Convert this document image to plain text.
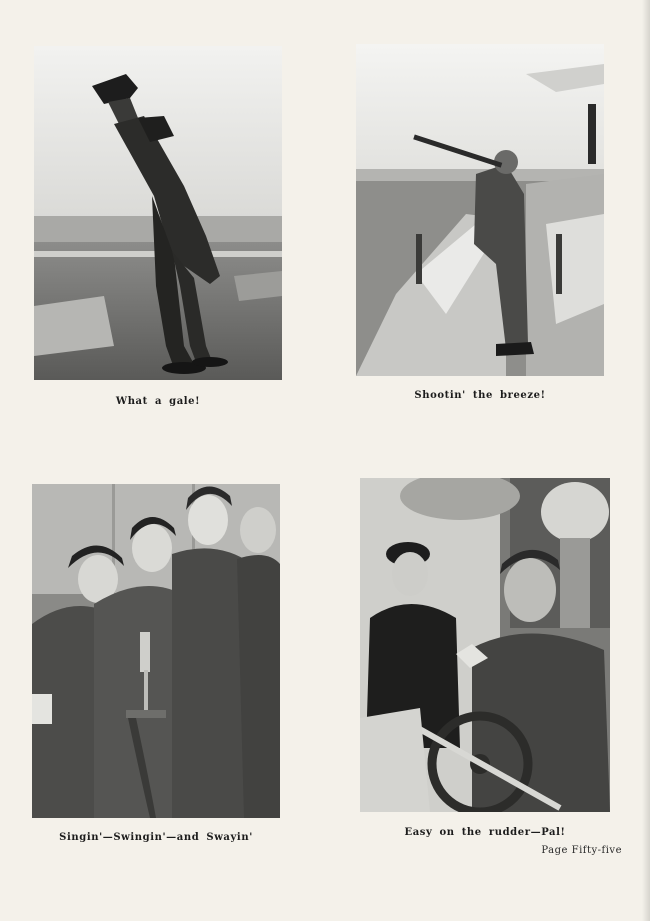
What a gale!
Shootin' the breeze!
Singin'—Swingin'—and Swayin'	Easy on the rudder—Pal!
Page Fifty-five
